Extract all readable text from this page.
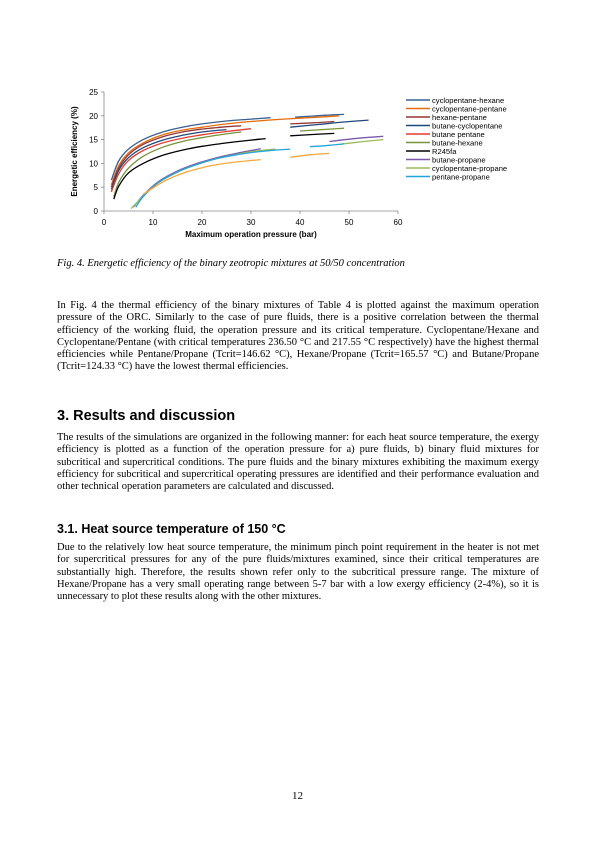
0
5
10
15
20
25
0	10	20	30	40	50	60
Maximum operation pressure (bar)
Energetic efficiency (%)
cyclopentane-hexane
cyclopentane-pentane
hexane-pentane
butane-cyclopentane
butane pentane
butane-hexane
R245fa
butane-propane
cyclopentane-propane
pentane-propane
Fig. 4. Energetic efficiency of the binary zeotropic mixtures at 50/50 concentration

In Fig. 4 the thermal efficiency of the binary mixtures of Table 4 is plotted against the maximum operation pressure of the ORC. Similarly to the case of pure fluids, there is a positive correlation between the thermal efficiency of the working fluid, the operation pressure and its critical temperature. Cyclopentane/Hexane and Cyclopentane/Pentane (with critical temperatures 236.50 °C and 217.55 °C respectively) have the highest thermal efficiencies while Pentane/Propane (Tcrit=146.62 °C), Hexane/Propane (Tcrit=165.57 °C) and Butane/Propane (Tcrit=124.33 °C) have the lowest thermal efficiencies.

3. Results and discussion

The results of the simulations are organized in the following manner: for each heat source temperature, the exergy efficiency is plotted as a function of the operation pressure for a) pure fluids, b) binary fluid mixtures for subcritical and supercritical conditions. The pure fluids and the binary mixtures exhibiting the maximum exergy efficiency for subcritical and supercritical operating pressures are identified and their performance evaluation and other technical operation parameters are calculated and discussed.

3.1. Heat source temperature of 150 °C

Due to the relatively low heat source temperature, the minimum pinch point requirement in the heater is not met for supercritical pressures for any of the pure fluids/mixtures examined, since their critical temperatures are substantially high. Therefore, the results shown refer only to the subcritical pressure range. The mixture of Hexane/Propane has a very small operating range between 5-7 bar with a low exergy efficiency (2-4%), so it is unnecessary to plot these results along with the other mixtures.

12
